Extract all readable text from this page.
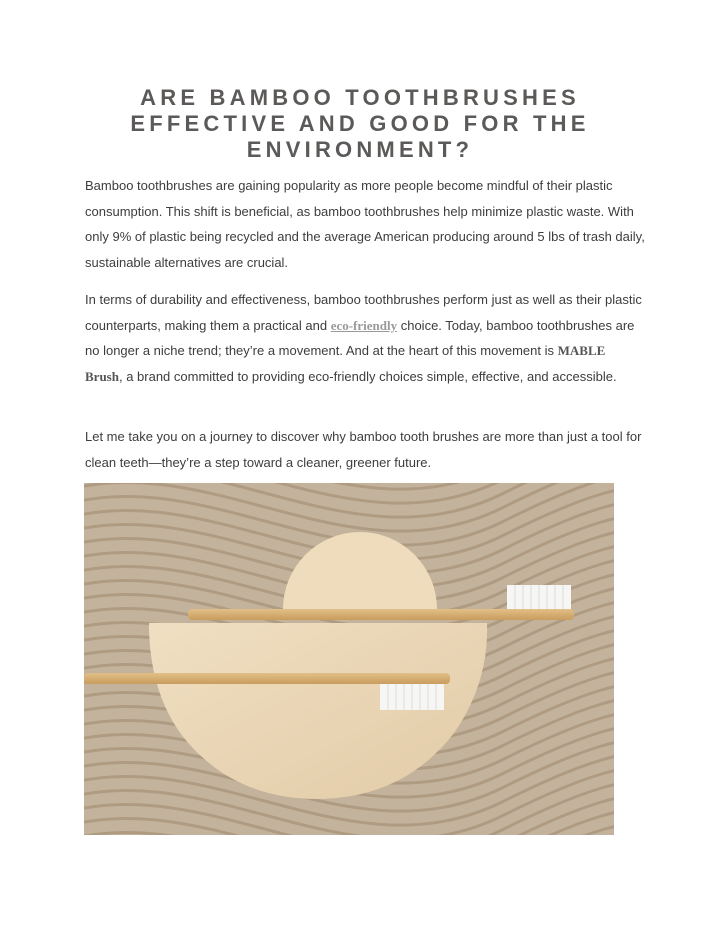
ARE BAMBOO TOOTHBRUSHES
EFFECTIVE AND GOOD FOR THE
ENVIRONMENT?

Bamboo toothbrushes are gaining popularity as more people become mindful of their plastic consumption. This shift is beneficial, as bamboo toothbrushes help minimize plastic waste. With only 9% of plastic being recycled and the average American producing around 5 lbs of trash daily, sustainable alternatives are crucial.

In terms of durability and effectiveness, bamboo toothbrushes perform just as well as their plastic counterparts, making them a practical and eco-friendly choice. Today, bamboo toothbrushes are no longer a niche trend; they’re a movement. And at the heart of this movement is MABLE Brush, a brand committed to providing eco-friendly choices simple, effective, and accessible.

Let me take you on a journey to discover why bamboo tooth brushes are more than just a tool for clean teeth—they’re a step toward a cleaner, greener future.
